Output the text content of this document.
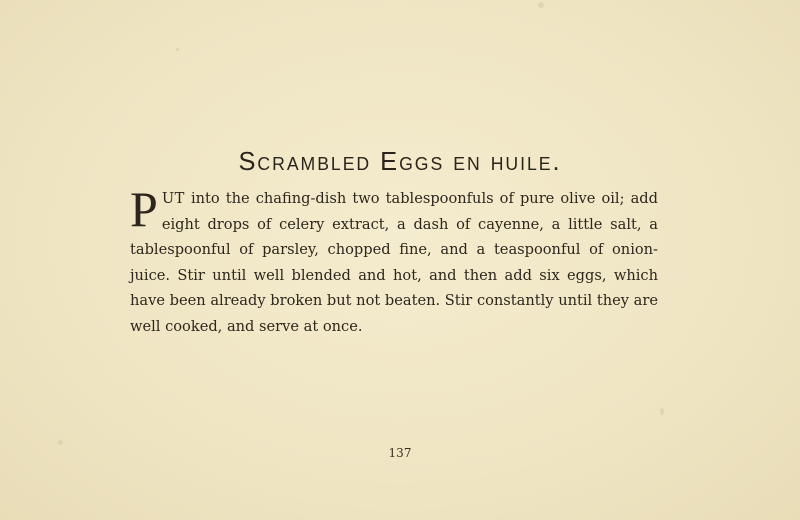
Scrambled Eggs en huile.
PUT into the chafing-dish two tablespoonfuls of pure olive oil; add eight drops of celery extract, a dash of cayenne, a little salt, a tablespoonful of parsley, chopped fine, and a teaspoonful of onion-juice. Stir until well blended and hot, and then add six eggs, which have been already broken but not beaten. Stir constantly until they are well cooked, and serve at once.
137
